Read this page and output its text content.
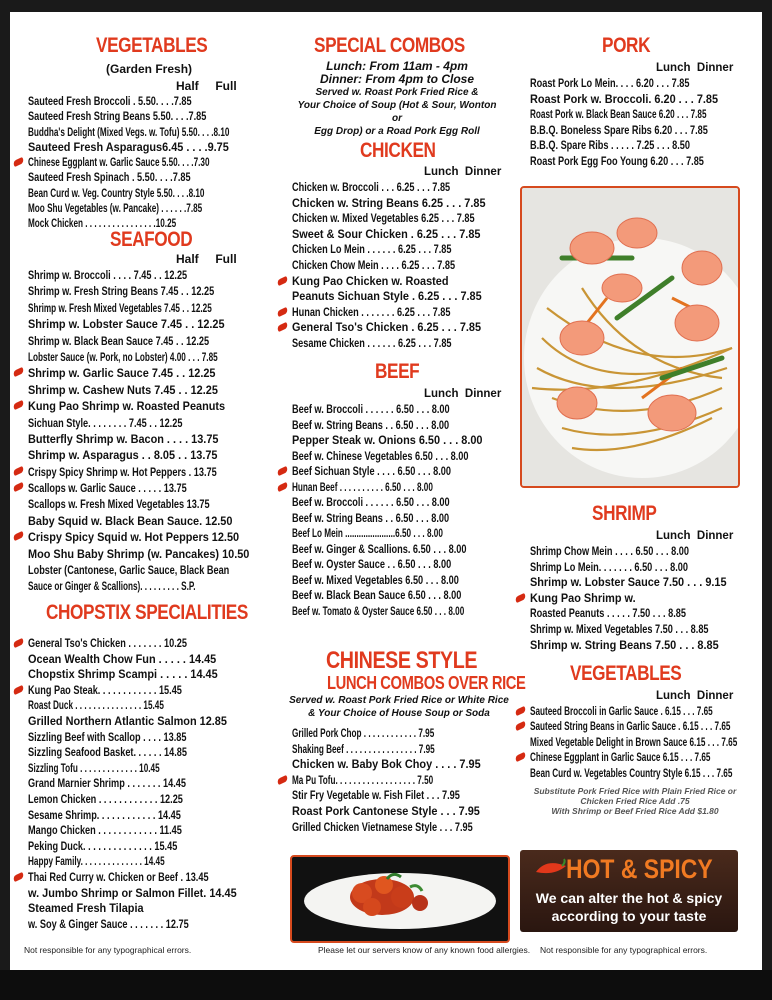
VEGETABLES
(Garden Fresh)
Half     Full
Sauteed Fresh Broccoli . 5.50. . . .7.85
Sauteed Fresh String Beans 5.50. . . .7.85
Buddha's Delight (Mixed Vegs. w. Tofu) 5.50. . . .8.10
Sauteed Fresh Asparagus6.45 . . . .9.75
Chinese Eggplant w. Garlic Sauce 5.50. . . .7.30
Sauteed Fresh Spinach . 5.50. . . .7.85
Bean Curd w. Veg. Country Style 5.50. . . .8.10
Moo Shu Vegetables (w. Pancake) . . . . . .7.85
Mock Chicken . . . . . . . . . . . . . . . .10.25
SEAFOOD
Half     Full
Shrimp w. Broccoli . . . . 7.45 . . 12.25
Shrimp w. Fresh String Beans 7.45 . . 12.25
Shrimp w. Fresh Mixed Vegetables 7.45 . . 12.25
Shrimp w. Lobster Sauce 7.45 . . 12.25
Shrimp w. Black Bean Sauce 7.45 . . 12.25
Lobster Sauce (w. Pork, no Lobster) 4.00 . . . 7.85
Shrimp w. Garlic Sauce 7.45 . . 12.25
Shrimp w. Cashew Nuts 7.45 . . 12.25
Kung Pao Shrimp w. Roasted Peanuts
Sichuan Style. . . . . . . . 7.45 . . 12.25
Butterfly Shrimp w. Bacon . . . . 13.75
Shrimp w. Asparagus . . 8.05 . . 13.75
Crispy Spicy Shrimp w. Hot Peppers . 13.75
Scallops w. Garlic Sauce . . . . . 13.75
Scallops w. Fresh Mixed Vegetables 13.75
Baby Squid w. Black Bean Sauce. 12.50
Crispy Spicy Squid w. Hot Peppers 12.50
Moo Shu Baby Shrimp (w. Pancakes) 10.50
Lobster (Cantonese, Garlic Sauce, Black Bean
Sauce or Ginger & Scallions). . . . . . . . . S.P.
CHOPSTIX SPECIALITIES
General Tso's Chicken . . . . . . . 10.25
Ocean Wealth Chow Fun . . . . . 14.45
Chopstix Shrimp Scampi . . . . . 14.45
Kung Pao Steak. . . . . . . . . . . . 15.45
Roast Duck . . . . . . . . . . . . . . . 15.45
Grilled Northern Atlantic Salmon 12.85
Sizzling Beef with Scallop . . . . 13.85
Sizzling Seafood Basket. . . . . . 14.85
Sizzling Tofu . . . . . . . . . . . . . 10.45
Grand Marnier Shrimp . . . . . . . 14.45
Lemon Chicken . . . . . . . . . . . . 12.25
Sesame Shrimp. . . . . . . . . . . . 14.45
Mango Chicken . . . . . . . . . . . . 11.45
Peking Duck. . . . . . . . . . . . . . 15.45
Happy Family. . . . . . . . . . . . . . 14.45
Thai Red Curry w. Chicken or Beef . 13.45
w. Jumbo Shrimp or Salmon Fillet. 14.45
Steamed Fresh Tilapia
w. Soy & Ginger Sauce . . . . . . . 12.75
SPECIAL COMBOS
Lunch: From 11am - 4pm
Dinner: From 4pm to Close
Served w. Roast Pork Fried Rice &
Your Choice of Soup (Hot & Sour, Wonton or
Egg Drop) or a Road Pork Egg Roll
CHICKEN
Lunch  Dinner
Chicken w. Broccoli . . . 6.25 . . . 7.85
Chicken w. String Beans 6.25 . . . 7.85
Chicken w. Mixed Vegetables 6.25 . . . 7.85
Sweet & Sour Chicken . 6.25 . . . 7.85
Chicken Lo Mein . . . . . . 6.25 . . . 7.85
Chicken Chow Mein . . . . 6.25 . . . 7.85
Kung Pao Chicken w. Roasted
Peanuts Sichuan Style . 6.25 . . . 7.85
Hunan Chicken . . . . . . . 6.25 . . . 7.85
General Tso's Chicken . 6.25 . . . 7.85
Sesame Chicken . . . . . . 6.25 . . . 7.85
BEEF
Lunch  Dinner
Beef w. Broccoli . . . . . . 6.50 . . . 8.00
Beef w. String Beans . . 6.50 . . . 8.00
Pepper Steak w. Onions 6.50 . . . 8.00
Beef w. Chinese Vegetables 6.50 . . . 8.00
Beef Sichuan Style . . . . 6.50 . . . 8.00
Hunan Beef . . . . . . . . . . 6.50 . . . 8.00
Beef w. Broccoli . . . . . . 6.50 . . . 8.00
Beef w. String Beans . . 6.50 . . . 8.00
Beef Lo Mein ......................6.50 . . . 8.00
Beef w. Ginger & Scallions. 6.50 . . . 8.00
Beef w. Oyster Sauce . . 6.50 . . . 8.00
Beef w. Mixed Vegetables 6.50 . . . 8.00
Beef w. Black Bean Sauce 6.50 . . . 8.00
Beef w. Tomato & Oyster Sauce 6.50 . . . 8.00
CHINESE STYLE
LUNCH COMBOS OVER RICE
Served w. Roast Pork Fried Rice or White Rice
& Your Choice of House Soup or Soda
Grilled Pork Chop . . . . . . . . . . . . 7.95
Shaking Beef . . . . . . . . . . . . . . . . 7.95
Chicken w. Baby Bok Choy . . . . 7.95
Ma Pu Tofu. . . . . . . . . . . . . . . . . . 7.50
Stir Fry Vegetable w. Fish Filet . . . 7.95
Roast Pork Cantonese Style . . . 7.95
Grilled Chicken Vietnamese Style . . . 7.95
PORK
Lunch  Dinner
Roast Pork Lo Mein. . . . 6.20 . . . 7.85
Roast Pork w. Broccoli. 6.20 . . . 7.85
Roast Pork w. Black Bean Sauce 6.20 . . . 7.85
B.B.Q. Boneless Spare Ribs 6.20 . . . 7.85
B.B.Q. Spare Ribs . . . . . 7.25 . . . 8.50
Roast Pork Egg Foo Young 6.20 . . . 7.85
SHRIMP
Lunch  Dinner
Shrimp Chow Mein . . . . 6.50 . . . 8.00
Shrimp Lo Mein. . . . . . . 6.50 . . . 8.00
Shrimp w. Lobster Sauce 7.50 . . . 9.15
Kung Pao Shrimp w.
Roasted Peanuts . . . . . 7.50 . . . 8.85
Shrimp w. Mixed Vegetables 7.50 . . . 8.85
Shrimp w. String Beans 7.50 . . . 8.85
VEGETABLES
Lunch  Dinner
Sauteed Broccoli in Garlic Sauce . 6.15 . . . 7.65
Sauteed String Beans in Garlic Sauce . 6.15 . . . 7.65
Mixed Vegetable Delight in Brown Sauce 6.15 . . . 7.65
Chinese Eggplant in Garlic Sauce 6.15 . . . 7.65
Bean Curd w. Vegetables Country Style 6.15 . . . 7.65
Substitute Pork Fried Rice with Plain Fried Rice or
Chicken Fried Rice Add .75
With Shrimp or Beef Fried Rice Add $1.80
HOT & SPICY
We can alter the hot & spicy
according to your taste
Not responsible for any typographical errors.	Please let our servers know of any known food allergies. Not responsible for any typographical errors.
